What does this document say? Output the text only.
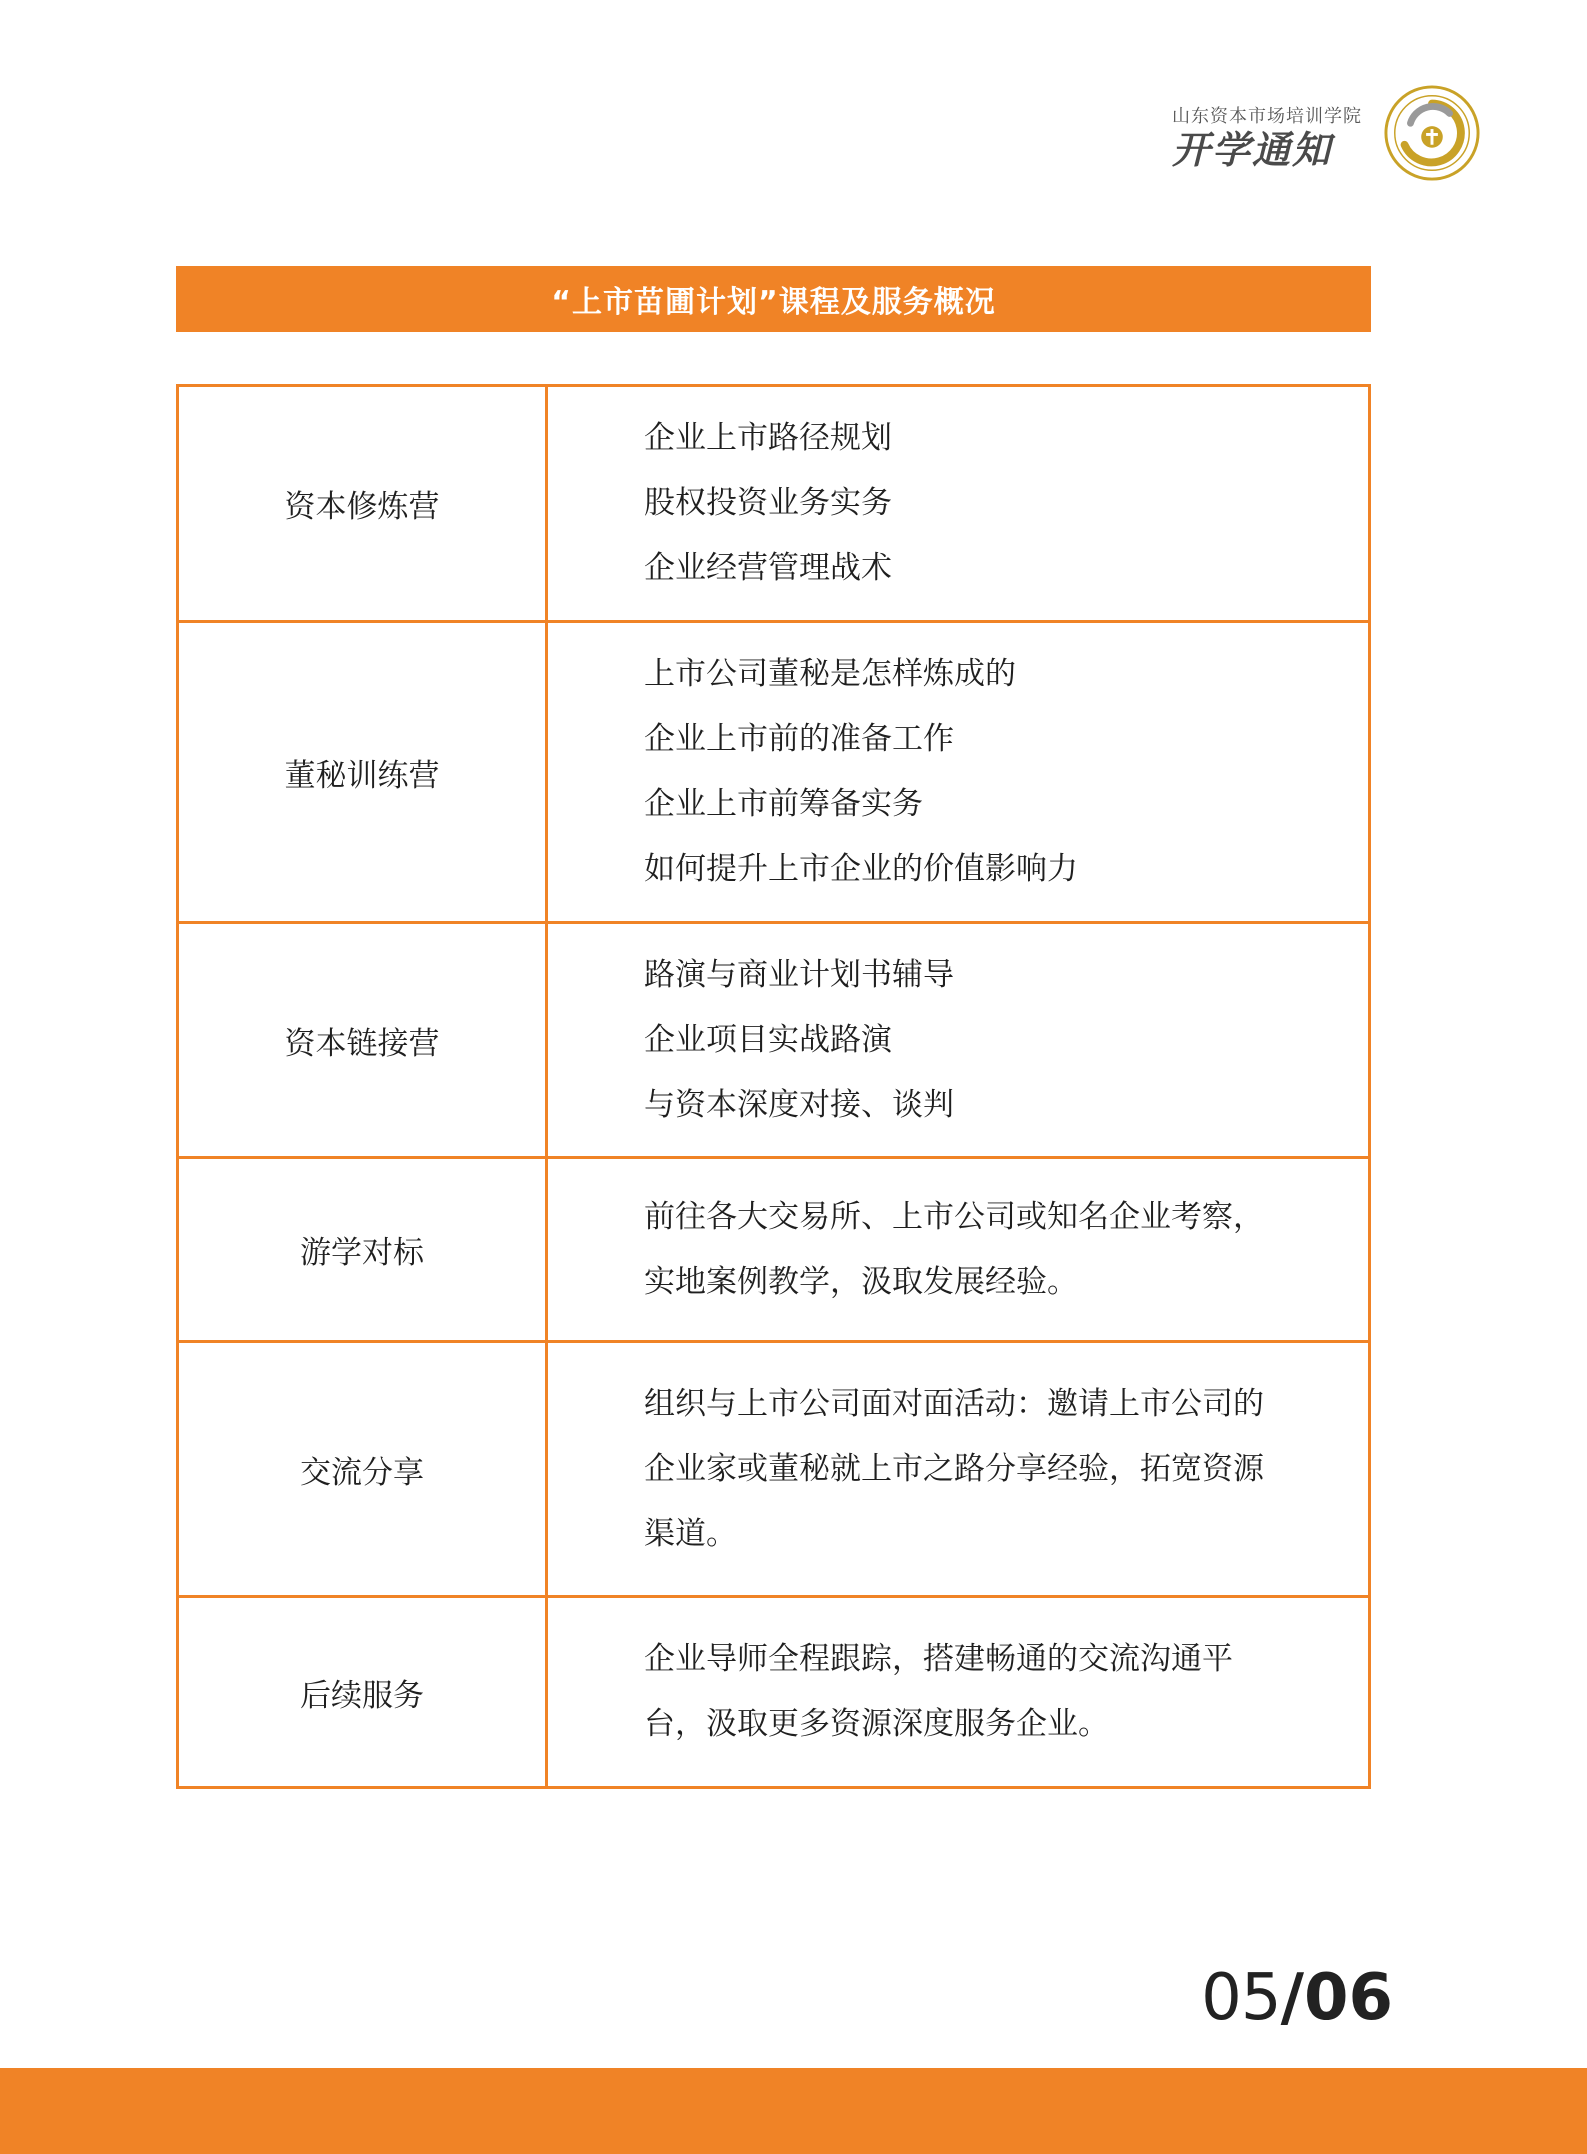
山东资本市场培训学院
开学通知
“上市苗圃计划”课程及服务概况
资本修炼营	企业上市路径规划
股权投资业务实务
企业经营管理战术

董秘训练营	上市公司董秘是怎样炼成的
企业上市前的准备工作
企业上市前筹备实务
如何提升上市企业的价值影响力

资本链接营	路演与商业计划书辅导
企业项目实战路演
与资本深度对接、谈判

游学对标	前往各大交易所、上市公司或知名企业考察，实地案例教学，汲取发展经验。

交流分享	组织与上市公司面对面活动：邀请上市公司的企业家或董秘就上市之路分享经验，拓宽资源渠道。

后续服务	企业导师全程跟踪，搭建畅通的交流沟通平台，汲取更多资源深度服务企业。
05/06
